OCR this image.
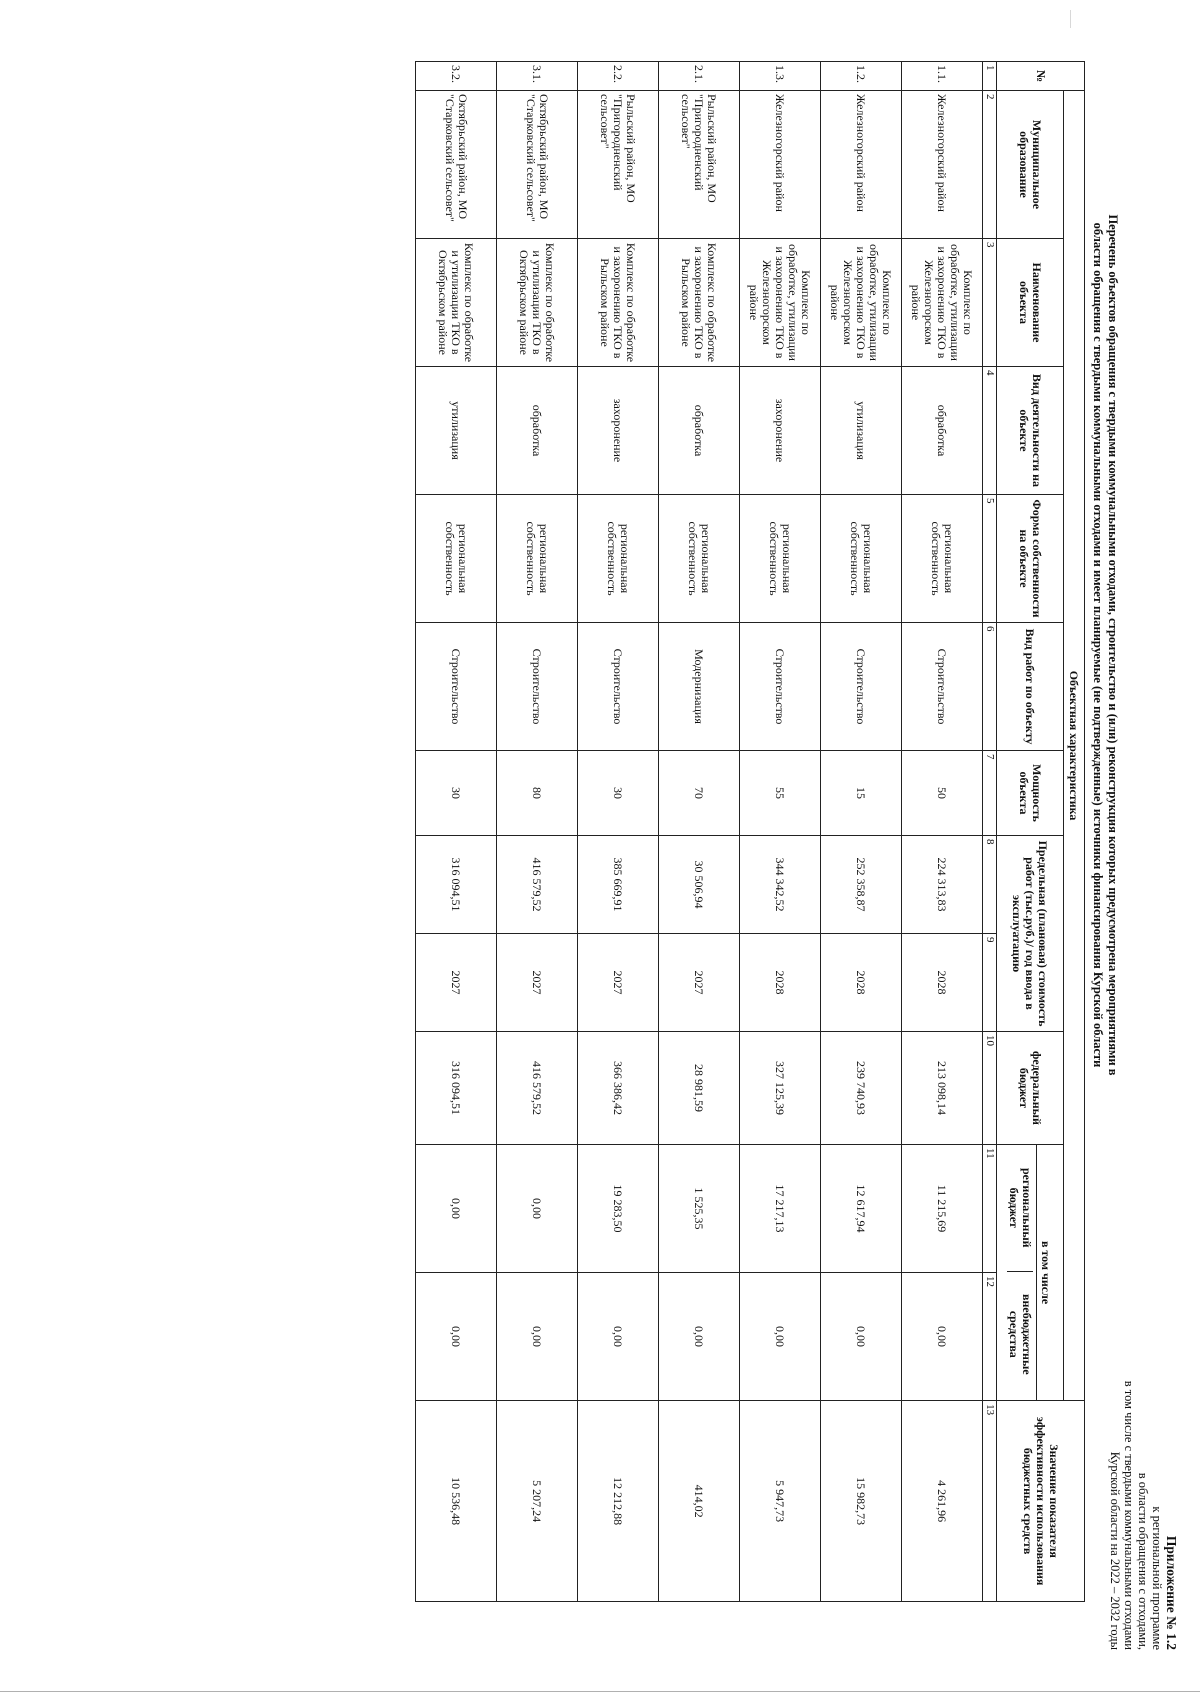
Приложение № 1.2
к региональной программе
в области обращения с отходами,
в том числе с твердыми коммунальными отходами
Курской области на 2022 – 2032 годы
Перечень объектов обращения с твердыми коммунальными отходами, строительство и (или) реконструкция которых предусмотрена мероприятиями в области обращения с твердыми коммунальными отходами и имеет планируемые (не подтвержденные) источники финансирования Курской области
№	Объектная характеристика											Значение показателя эффективности использования бюджетных средств
	Муниципальное образование	Наименование объекта	Вид деятельности на объекте	Форма собственности на объекте	Вид работ по объекту	Мощность объекта	Предельная (плановая) стоимость работ (тыс.руб.)/ год ввода в эксплуатацию		федеральный бюджет	в том числе
региональный бюджет
внебюджетные средства		

1	2	3	4	5	6	7	8	9	10	11	12	13
1.1.	Железногорский район	Комплекс по обработке, утилизации и захоронению ТКО в Железногорском районе	обработка	региональная собственность	Строительство	50	224 313,83	2028	213 098,14	11 215,69	0,00	4 261,96
1.2.	Железногорский район	Комплекс по обработке, утилизации и захоронению ТКО в Железногорском районе	утилизация	региональная собственность	Строительство	15	252 358,87	2028	239 740,93	12 617,94	0,00	15 982,73
1.3.	Железногорский район	Комплекс по обработке, утилизации и захоронению ТКО в Железногорском районе	захоронение	региональная собственность	Строительство	55	344 342,52	2028	327 125,39	17 217,13	0,00	5 947,73
2.1.	Рыльский район, МО "Пригородненский сельсовет"	Комплекс по обработке и захоронению ТКО в Рыльском районе	обработка	региональная собственность	Модернизация	70	30 506,94	2027	28 981,59	1 525,35	0,00	414,02
2.2.	Рыльский район, МО "Пригородненский сельсовет"	Комплекс по обработке и захоронению ТКО в Рыльском районе	захоронение	региональная собственность	Строительство	30	385 669,91	2027	366 386,42	19 283,50	0,00	12 212,88
3.1.	Октябрьский район, МО "Старковский сельсовет"	Комплекс по обработке и утилизации ТКО в Октябрьском районе	обработка	региональная собственность	Строительство	80	416 579,52	2027	416 579,52	0,00	0,00	5 207,24
3.2.	Октябрьский район, МО "Старковский сельсовет"	Комплекс по обработке и утилизации ТКО в Октябрьском районе	утилизация	региональная собственность	Строительство	30	316 094,51	2027	316 094,51	0,00	0,00	10 536,48
